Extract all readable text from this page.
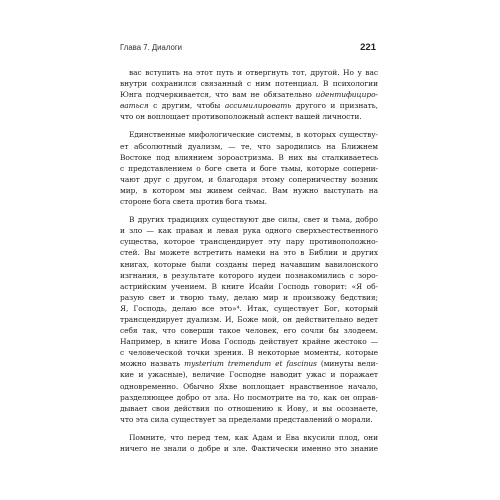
Глава 7. Диалоги	221

вас вступить на этот путь и отвергнуть тот, другой. Но у вас
внутри сохранился связанный с ним потенциал. В психологии
Юнга подчеркивается, что вам не обязательно идентифициро-
ваться с другим, чтобы ассимилировать другого и признать,
что он воплощает противоположный аспект вашей личности.

Единственные мифологические системы, в которых существу-
ет абсолютный дуализм, — те, что зародились на Ближнем
Востоке под влиянием зороастризма. В них вы сталкиваетесь
с представлением о боге света и боге тьмы, которые соперни-
чают друг с другом, и благодаря этому соперничеству возник
мир, в котором мы живем сейчас. Вам нужно выступать на
стороне бога света против бога тьмы.

В других традициях существуют две силы, свет и тьма, добро
и зло — как правая и левая рука одного сверхъестественного
существа, которое трансцендирует эту пару противоположно-
стей. Вы можете встретить намеки на это в Библии и других
книгах, которые были созданы перед начавшим вавилонского
изгнания, в результате которого иудеи познакомились с зоро-
астрийским учением. В книге Исайи Господь говорит: «Я об-
разую свет и творю тьму, делаю мир и произвожу бедствия;
Я, Господь, делаю все это»⁴. Итак, существует Бог, который
трансцендирует дуализм. И, Боже мой, он действительно ведет
себя так, что соверши такое человек, его сочли бы злодеем.
Например, в книге Иова Господь действует крайне жестоко —
с человеческой точки зрения. В некоторые моменты, которые
можно назвать mysterium tremendum et fascinus (минуты вели-
кие и ужасные), величие Господне наводит ужас и поражает
одновременно. Обычно Яхве воплощает нравственное начало,
разделяющее добро от зла. Но посмотрите на то, как он оправ-
дывает свои действия по отношению к Иову, и вы осознаете,
что эта сила существует за пределами представлений о морали.

Помните, что перед тем, как Адам и Ева вкусили плод, они
ничего не знали о добре и зле. Фактически именно это знание
